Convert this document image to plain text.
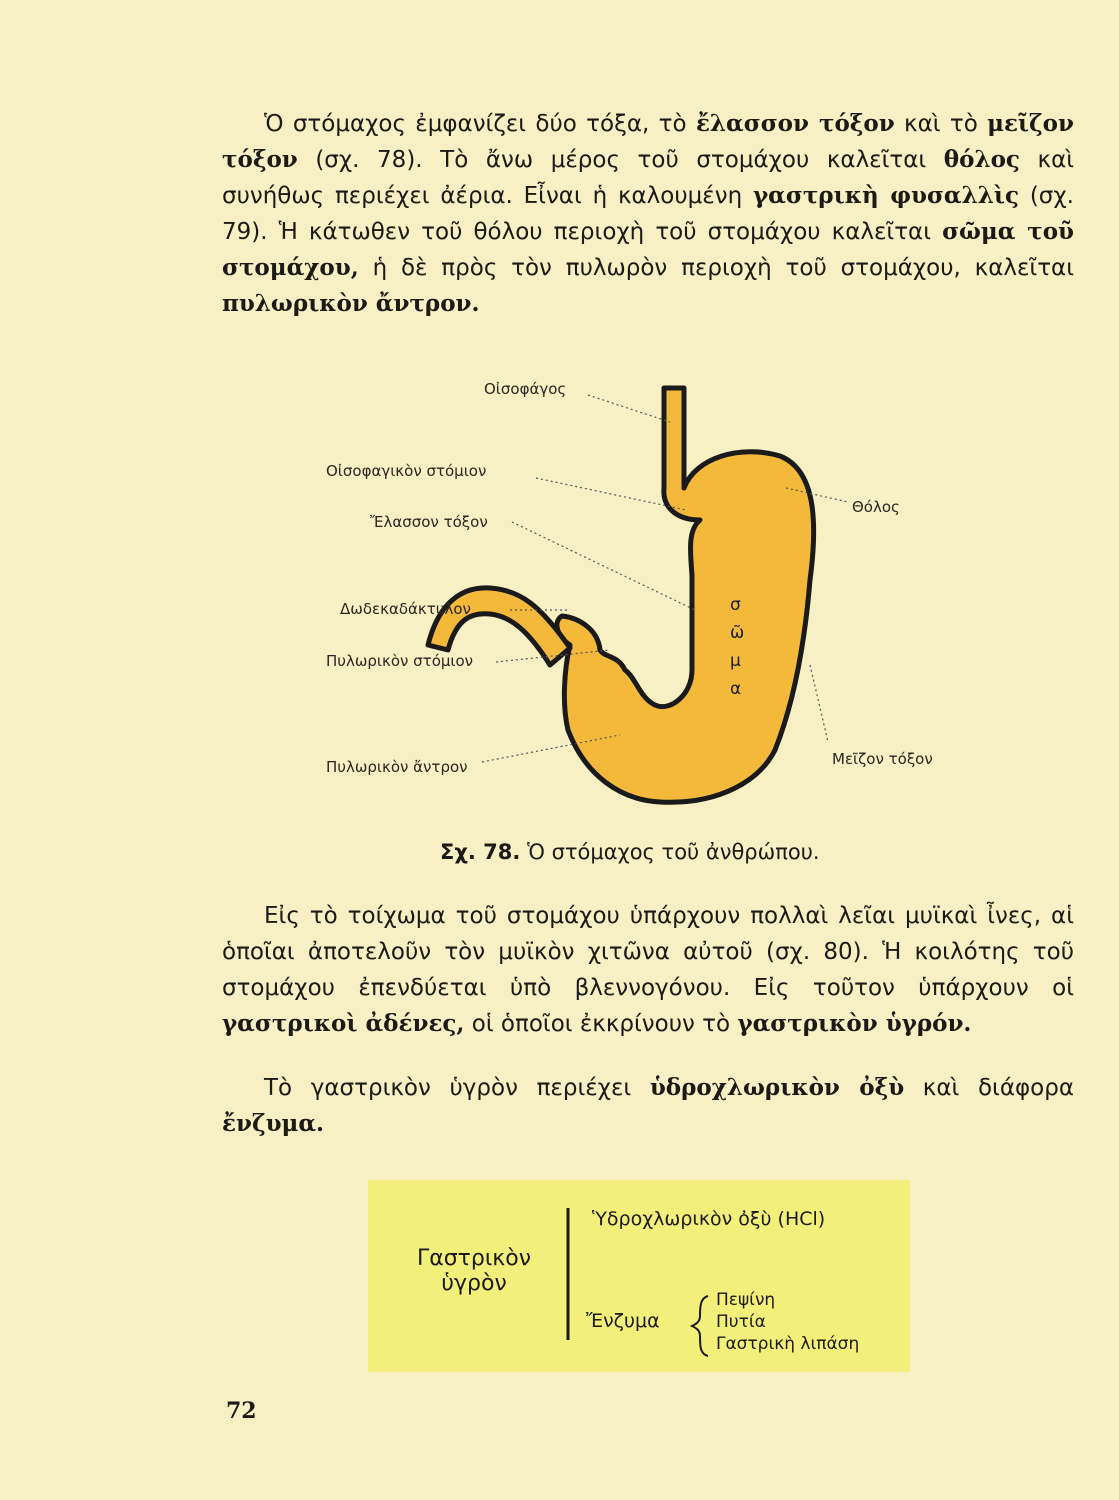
Ὁ στόμαχος ἐμφανίζει δύο τόξα, τὸ ἔλασσον τόξον καὶ τὸ μεῖζον τόξον (σχ. 78). Τὸ ἄνω μέρος τοῦ στομάχου καλεῖται θόλος καὶ συνήθως περιέχει ἀέρια. Εἶναι ἡ καλουμένη γαστρικὴ φυσαλλὶς (σχ. 79). Ἡ κάτωθεν τοῦ θόλου περιοχὴ τοῦ στομάχου καλεῖται σῶμα τοῦ στομάχου, ἡ δὲ πρὸς τὸν πυλωρὸν περιοχὴ τοῦ στομάχου, καλεῖται πυλωρικὸν ἄντρον.
σ
ῶ
μ
α
Οἰσοφάγος
Οἰσοφαγικὸν στόμιον
Ἔλασσον τόξον
Δωδεκαδάκτυλον
Πυλωρικὸν στόμιον
Πυλωρικὸν ἄντρον
Θόλος
Μεῖζον τόξον
Σχ. 78. Ὁ στόμαχος τοῦ ἀνθρώπου.
Εἰς τὸ τοίχωμα τοῦ στομάχου ὑπάρχουν πολλαὶ λεῖαι μυϊκαὶ ἶνες, αἱ ὁποῖαι ἀποτελοῦν τὸν μυϊκὸν χιτῶνα αὐτοῦ (σχ. 80). Ἡ κοιλότης τοῦ στομάχου ἐπενδύεται ὑπὸ βλεννογόνου. Εἰς τοῦτον ὑπάρχουν οἱ γαστρικοὶ ἀδένες, οἱ ὁποῖοι ἐκκρίνουν τὸ γαστρικὸν ὑγρόν.
Τὸ γαστρικὸν ὑγρὸν περιέχει ὑδροχλωρικὸν ὀξὺ καὶ διάφορα ἔνζυμα.
Γαστρικὸν
ὑγρὸν
Ὑδροχλωρικὸν ὀξὺ (HCl)
Ἔνζυμα
Πεψίνη
Πυτία
Γαστρικὴ λιπάση
72
